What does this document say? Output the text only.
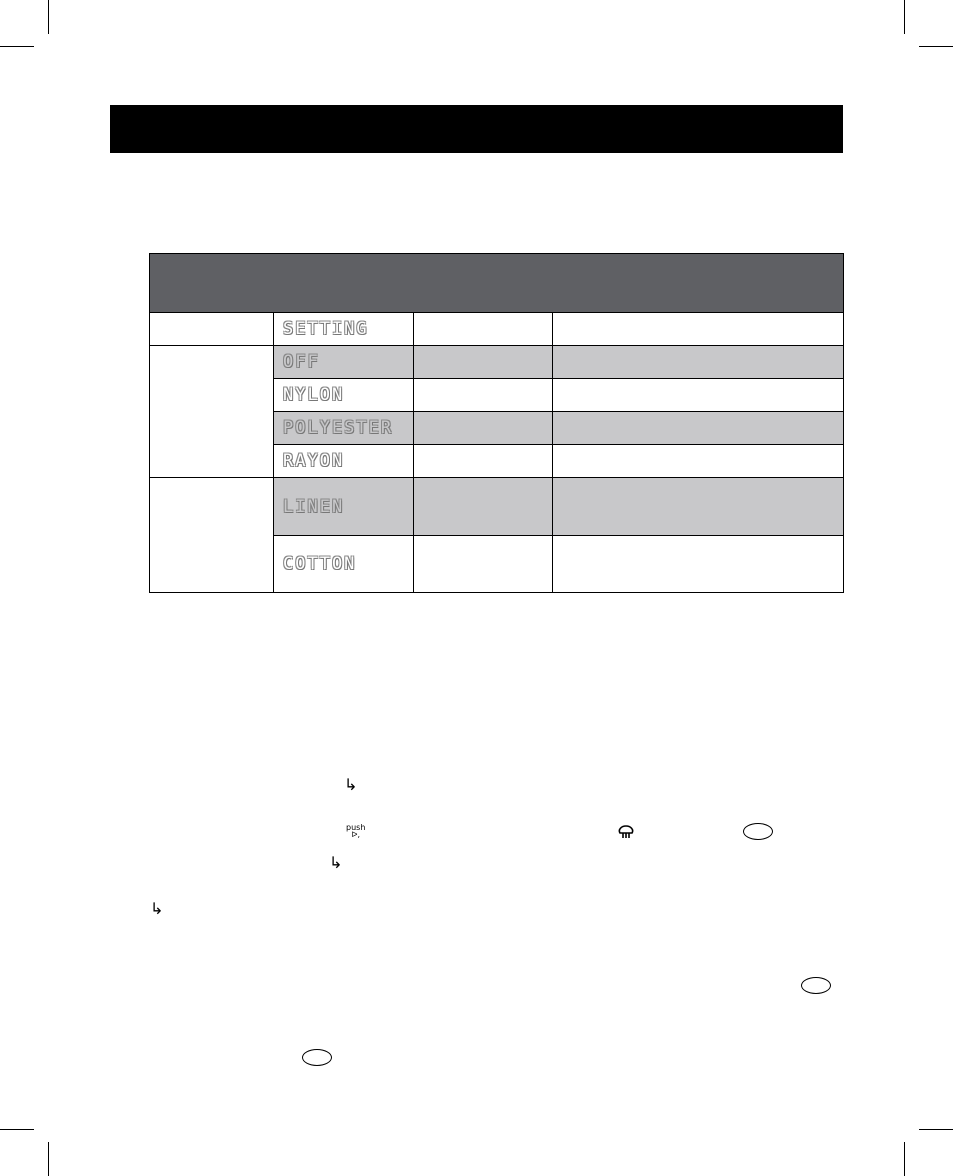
	SETTING		
	OFF		
	NYLON		
	POLYESTER		
	RAYON		
	LINEN		
	COTTON		
↳
push
ᐅ,
↳
↳
